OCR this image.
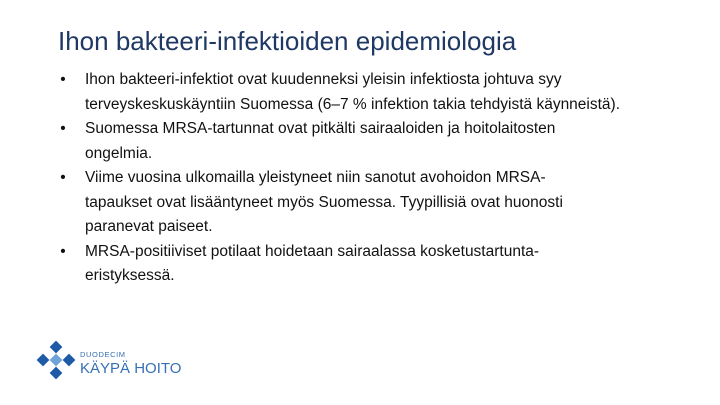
Ihon bakteeri-infektioiden epidemiologia
• Ihon bakteeri-infektiot ovat kuudenneksi yleisin infektiosta johtuva syy
terveyskeskuskäyntiin Suomessa (6–7 % infektion takia tehdyistä käynneistä).
• Suomessa MRSA-tartunnat ovat pitkälti sairaaloiden ja hoitolaitosten
ongelmia.
• Viime vuosina ulkomailla yleistyneet niin sanotut avohoidon MRSA-
tapaukset ovat lisääntyneet myös Suomessa. Tyypillisiä ovat huonosti
paranevat paiseet.
• MRSA-positiiviset potilaat hoidetaan sairaalassa kosketustartunta-
eristyksessä.
DUODECIM
KÄYPÄ HOITO
